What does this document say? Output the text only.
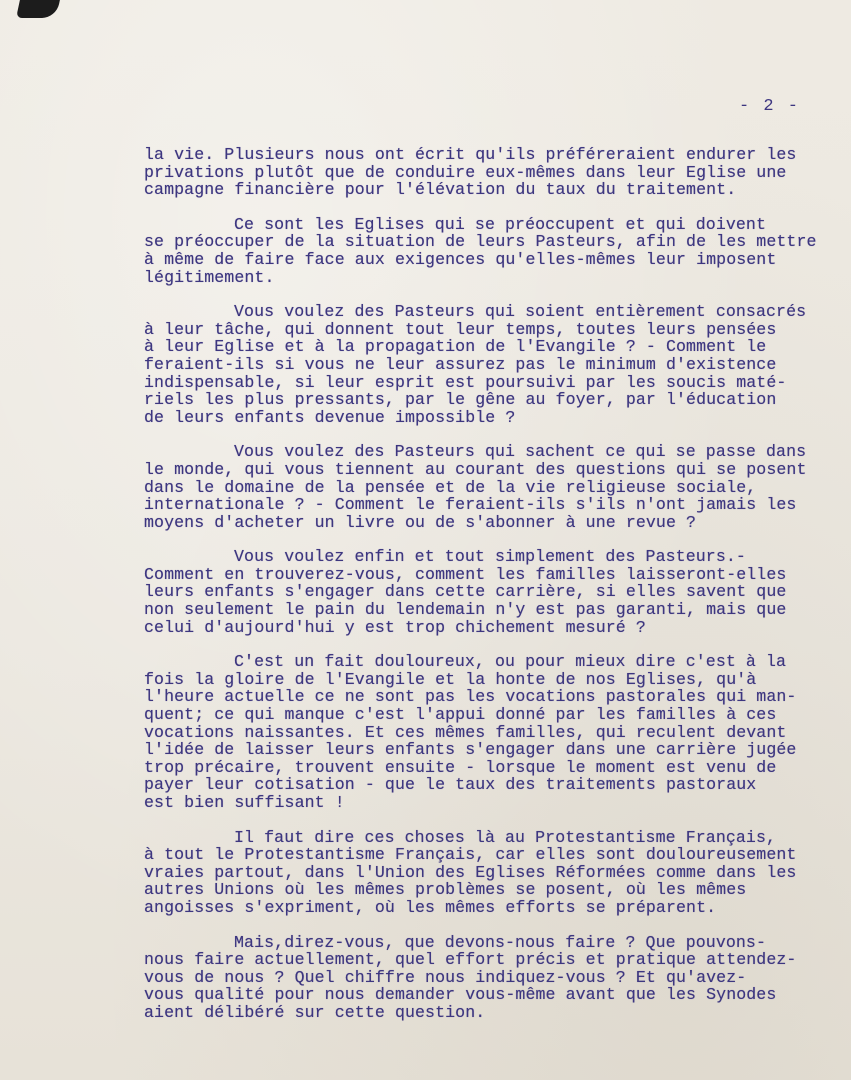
- 2 -
la vie. Plusieurs nous ont écrit qu'ils préféreraient endurer les
privations plutôt que de conduire eux-mêmes dans leur Eglise une
campagne financière pour l'élévation du taux du traitement.
Ce sont les Eglises qui se préoccupent et qui doivent
se préoccuper de la situation de leurs Pasteurs, afin de les mettre
à même de faire face aux exigences qu'elles-mêmes leur imposent
légitimement.
Vous voulez des Pasteurs qui soient entièrement consacrés
à leur tâche, qui donnent tout leur temps, toutes leurs pensées
à leur Eglise et à la propagation de l'Evangile ? - Comment le
feraient-ils si vous ne leur assurez pas le minimum d'existence
indispensable, si leur esprit est poursuivi par les soucis maté-
riels les plus pressants, par le gêne au foyer, par l'éducation
de leurs enfants devenue impossible ?
Vous voulez des Pasteurs qui sachent ce qui se passe dans
le monde, qui vous tiennent au courant des questions qui se posent
dans le domaine de la pensée et de la vie religieuse sociale,
internationale ? - Comment le feraient-ils s'ils n'ont jamais les
moyens d'acheter un livre ou de s'abonner à une revue ?
Vous voulez enfin et tout simplement des Pasteurs.-
Comment en trouverez-vous, comment les familles laisseront-elles
leurs enfants s'engager dans cette carrière, si elles savent que
non seulement le pain du lendemain n'y est pas garanti, mais que
celui d'aujourd'hui y est trop chichement mesuré ?
C'est un fait douloureux, ou pour mieux dire c'est à la
fois la gloire de l'Evangile et la honte de nos Eglises, qu'à
l'heure actuelle ce ne sont pas les vocations pastorales qui man-
quent; ce qui manque c'est l'appui donné par les familles à ces
vocations naissantes. Et ces mêmes familles, qui reculent devant
l'idée de laisser leurs enfants s'engager dans une carrière jugée
trop précaire, trouvent ensuite - lorsque le moment est venu de
payer leur cotisation - que le taux des traitements pastoraux
est bien suffisant !
Il faut dire ces choses là au Protestantisme Français,
à tout le Protestantisme Français, car elles sont douloureusement
vraies partout, dans l'Union des Eglises Réformées comme dans les
autres Unions où les mêmes problèmes se posent, où les mêmes
angoisses s'expriment, où les mêmes efforts se préparent.
Mais,direz-vous, que devons-nous faire ? Que pouvons-
nous faire actuellement, quel effort précis et pratique attendez-
vous de nous ? Quel chiffre nous indiquez-vous ? Et qu'avez-
vous qualité pour nous demander vous-même avant que les Synodes
aient délibéré sur cette question.
